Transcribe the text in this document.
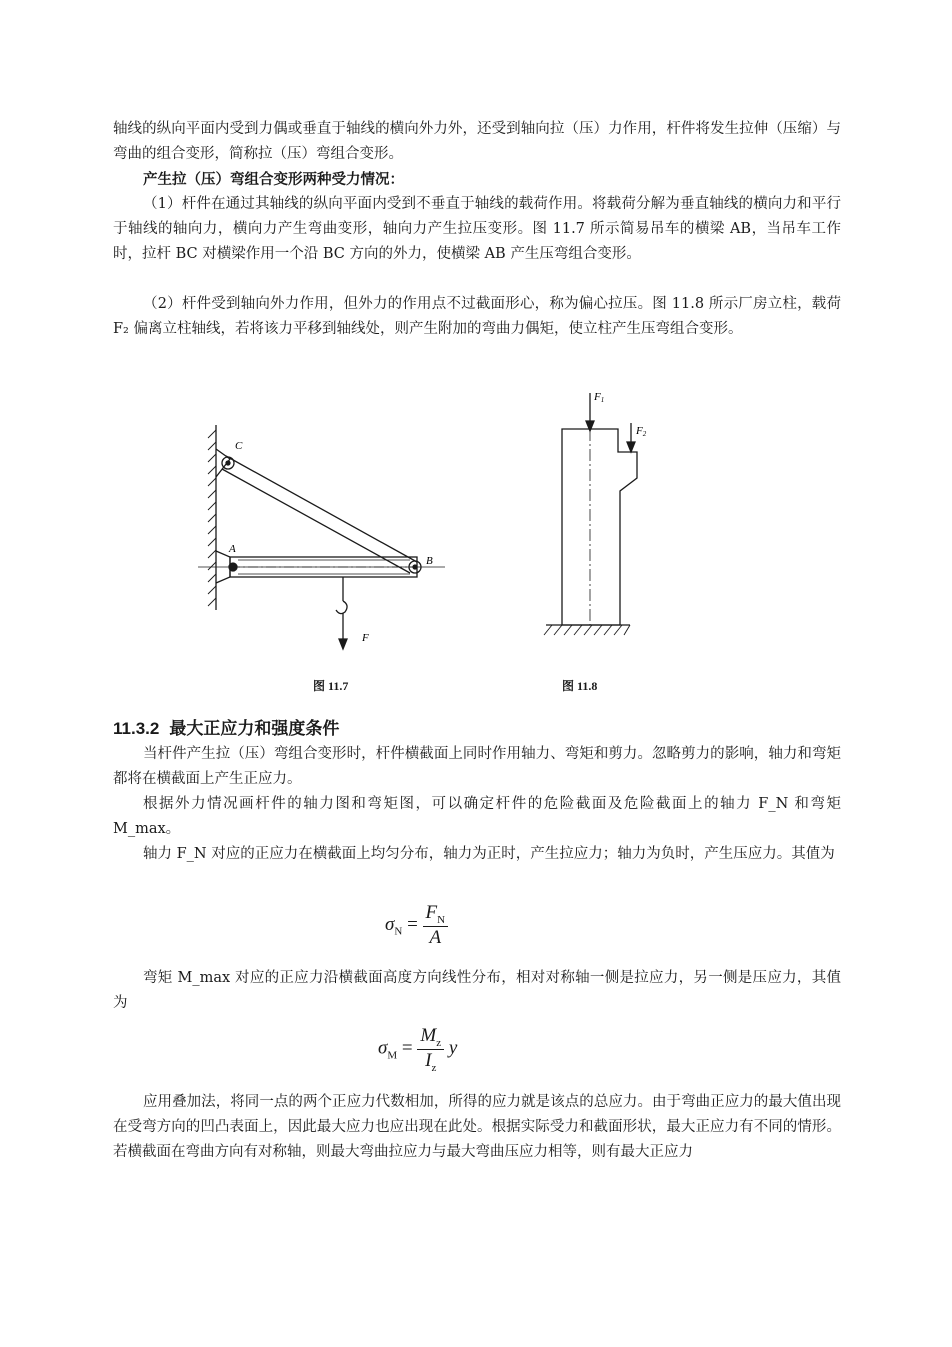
轴线的纵向平面内受到力偶或垂直于轴线的横向外力外，还受到轴向拉（压）力作用，杆件将发生拉伸（压缩）与弯曲的组合变形，简称拉（压）弯组合变形。

产生拉（压）弯组合变形两种受力情况：

（1）杆件在通过其轴线的纵向平面内受到不垂直于轴线的载荷作用。将载荷分解为垂直轴线的横向力和平行于轴线的轴向力，横向力产生弯曲变形，轴向力产生拉压变形。图 11.7 所示简易吊车的横梁 AB，当吊车工作时，拉杆 BC 对横梁作用一个沿 BC 方向的外力，使横梁 AB 产生压弯组合变形。

（2）杆件受到轴向外力作用，但外力的作用点不过截面形心，称为偏心拉压。图 11.8 所示厂房立柱，载荷 F₂ 偏离立柱轴线，若将该力平移到轴线处，则产生附加的弯曲力偶矩，使立柱产生压弯组合变形。

C
A
B
F
F1
F2
图 11.7	图 11.8
11.3.2 最大正应力和强度条件

当杆件产生拉（压）弯组合变形时，杆件横截面上同时作用轴力、弯矩和剪力。忽略剪力的影响，轴力和弯矩都将在横截面上产生正应力。

根据外力情况画杆件的轴力图和弯矩图，可以确定杆件的危险截面及危险截面上的轴力 F_N 和弯矩 M_max。

轴力 F_N 对应的正应力在横截面上均匀分布，轴力为正时，产生拉应力；轴力为负时，产生压应力。其值为

$\sigma_N = \frac{F_N}{A}$

弯矩 M_max 对应的正应力沿横截面高度方向线性分布，相对对称轴一侧是拉应力，另一侧是压应力，其值为

$\sigma_M = \frac{M_z}{I_z}$ y

应用叠加法，将同一点的两个正应力代数相加，所得的应力就是该点的总应力。由于弯曲正应力的最大值出现在受弯方向的凹凸表面上，因此最大应力也应出现在此处。根据实际受力和截面形状，最大正应力有不同的情形。若横截面在弯曲方向有对称轴，则最大弯曲拉应力与最大弯曲压应力相等，则有最大正应力
